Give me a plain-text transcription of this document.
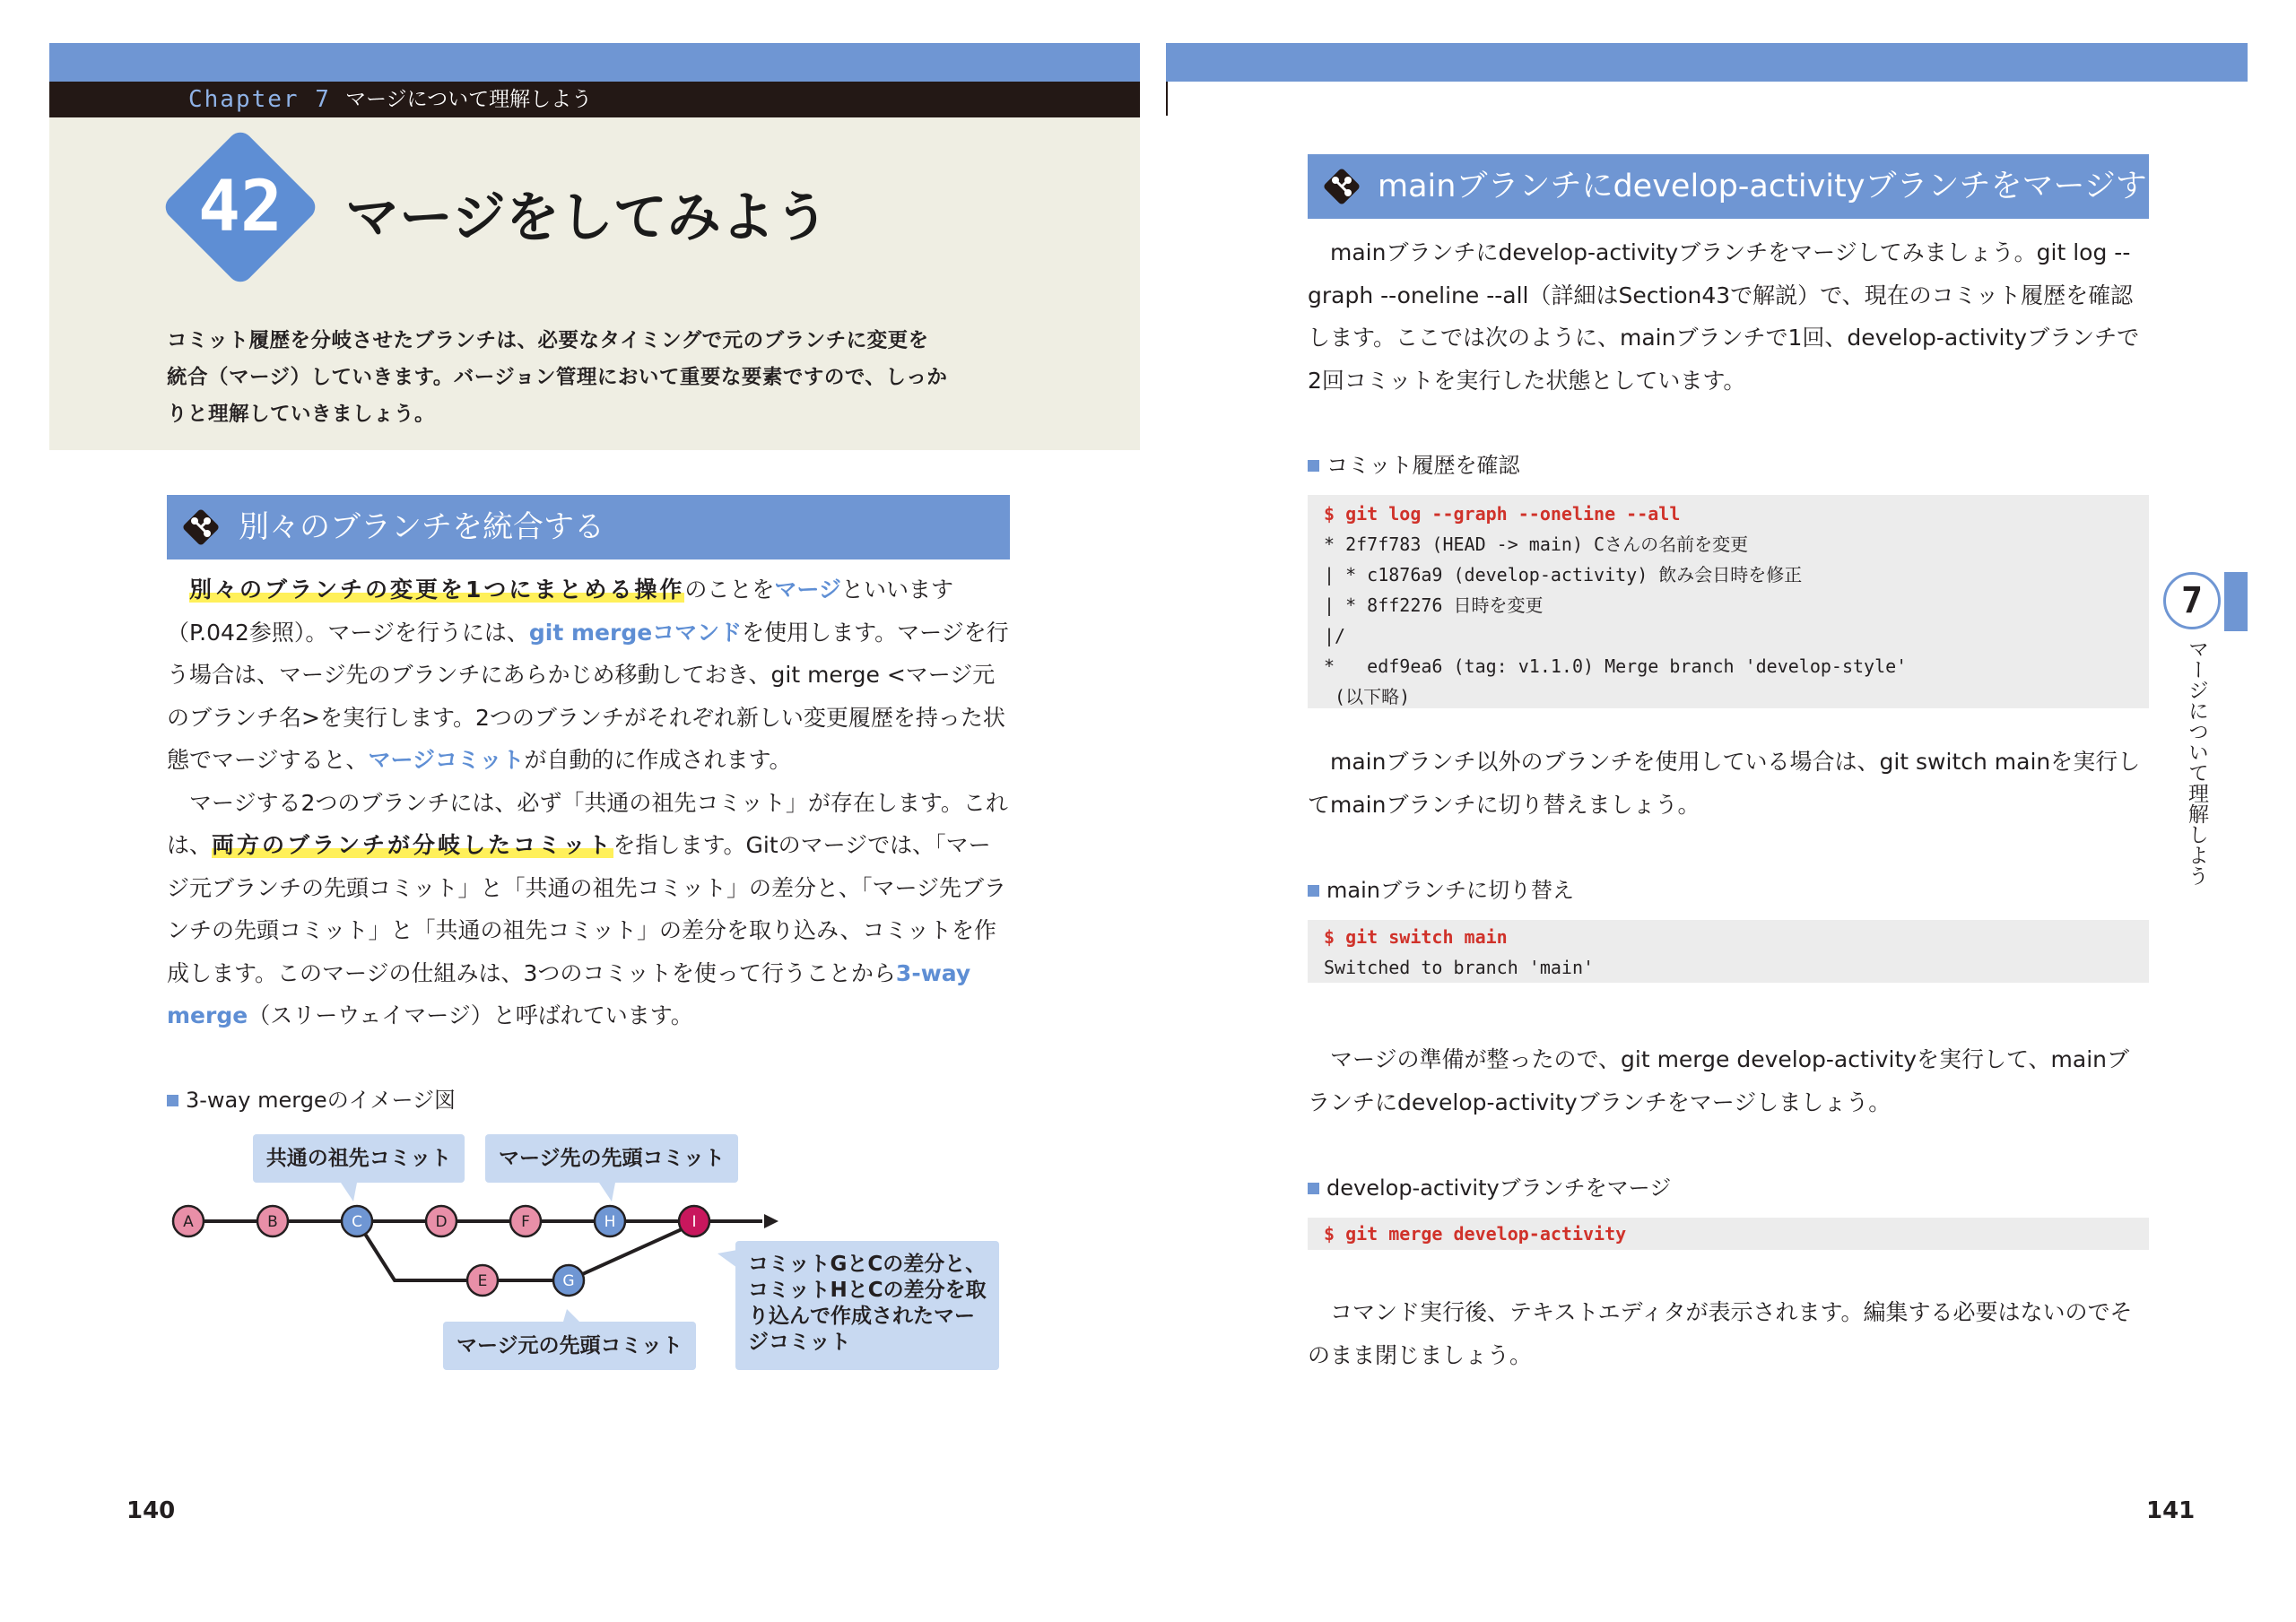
Chapter 7 マージについて理解しよう
42	マージをしてみよう
コミット履歴を分岐させたブランチは、必要なタイミングで元のブランチに変更を
統合（マージ）していきます。バージョン管理において重要な要素ですので、しっか
りと理解していきましょう。
別々のブランチを統合する

別々のブランチの変更を1つにまとめる操作のことをマージといいます（P.042参照）。マージを行うには、git mergeコマンドを使用します。マージを行う場合は、マージ先のブランチにあらかじめ移動しておき、git merge <マージ元のブランチ名>を実行します。2つのブランチがそれぞれ新しい変更履歴を持った状態でマージすると、マージコミットが自動的に作成されます。

マージする2つのブランチには、必ず「共通の祖先コミット」が存在します。これは、両方のブランチが分岐したコミットを指します。Gitのマージでは、「マージ元ブランチの先頭コミット」と「共通の祖先コミット」の差分と、「マージ先ブランチの先頭コミット」と「共通の祖先コミット」の差分を取り込み、コミットを作成します。このマージの仕組みは、3つのコミットを使って行うことから3-way merge（スリーウェイマージ）と呼ばれています。

3-way mergeのイメージ図
共通の祖先コミット	マージ先の先頭コミット
マージ元の先頭コミット
コミットGとCの差分と、コミットHとCの差分を取り込んで作成されたマージコミット
A	B	C	D	F	H	I
E	G
140
mainブランチにdevelop-activityブランチをマージする

mainブランチにdevelop-activityブランチをマージしてみましょう。git log --graph --oneline --all（詳細はSection43で解説）で、現在のコミット履歴を確認します。ここでは次のように、mainブランチで1回、develop-activityブランチで2回コミットを実行した状態としています。

コミット履歴を確認
$ git log --graph --oneline --all
* 2f7f783 (HEAD -> main) Cさんの名前を変更
| * c1876a9 (develop-activity) 飲み会日時を修正
| * 8ff2276 日時を変更
|/
*   edf9ea6 (tag: v1.1.0) Merge branch 'develop-style'
(以下略)

mainブランチ以外のブランチを使用している場合は、git switch mainを実行してmainブランチに切り替えましょう。

mainブランチに切り替え
$ git switch main
Switched to branch 'main'

マージの準備が整ったので、git merge develop-activityを実行して、mainブランチにdevelop-activityブランチをマージしましょう。

develop-activityブランチをマージ
$ git merge develop-activity

コマンド実行後、テキストエディタが表示されます。編集する必要はないのでそのまま閉じましょう。

7
マージについて理解しよう
141
